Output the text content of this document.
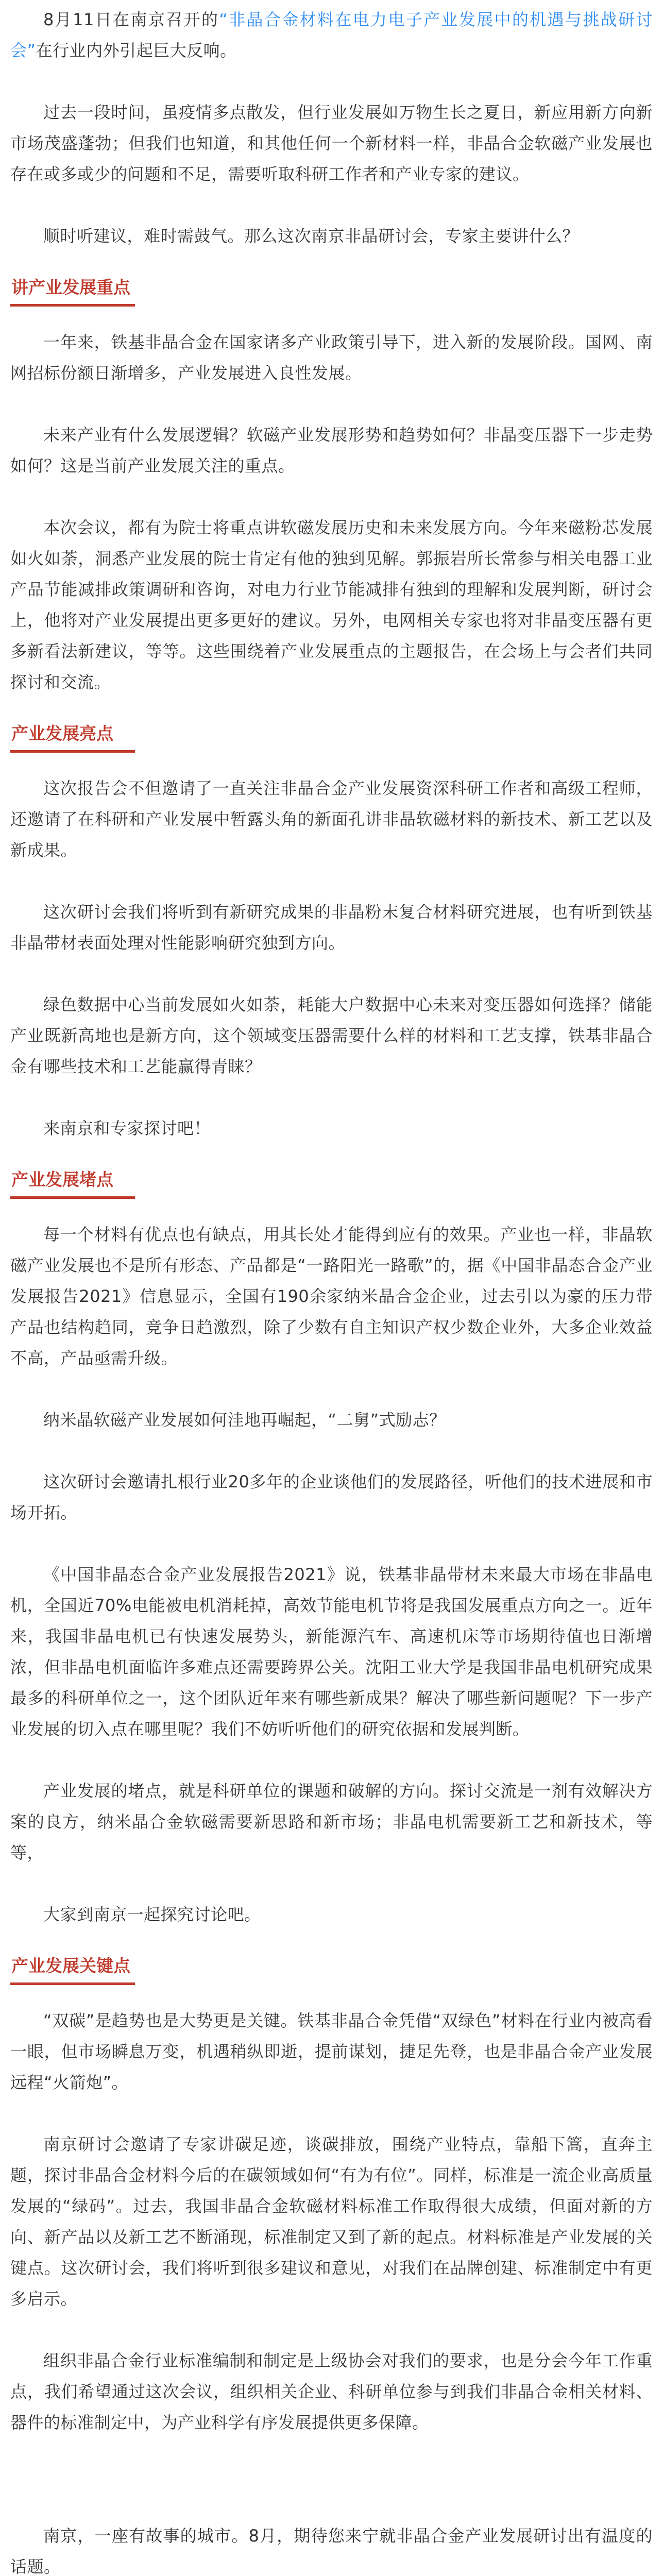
8月11日在南京召开的“非晶合金材料在电力电子产业发展中的机遇与挑战研讨会”在行业内外引起巨大反响。

过去一段时间，虽疫情多点散发，但行业发展如万物生长之夏日，新应用新方向新市场茂盛蓬勃；但我们也知道，和其他任何一个新材料一样，非晶合金软磁产业发展也存在或多或少的问题和不足，需要听取科研工作者和产业专家的建议。

顺时听建议，难时需鼓气。那么这次南京非晶研讨会，专家主要讲什么？

讲产业发展重点

一年来，铁基非晶合金在国家诸多产业政策引导下，进入新的发展阶段。国网、南网招标份额日渐增多，产业发展进入良性发展。

未来产业有什么发展逻辑？软磁产业发展形势和趋势如何？非晶变压器下一步走势如何？这是当前产业发展关注的重点。

本次会议，都有为院士将重点讲软磁发展历史和未来发展方向。今年来磁粉芯发展如火如荼，洞悉产业发展的院士肯定有他的独到见解。郭振岩所长常参与相关电器工业产品节能减排政策调研和咨询，对电力行业节能减排有独到的理解和发展判断，研讨会上，他将对产业发展提出更多更好的建议。另外，电网相关专家也将对非晶变压器有更多新看法新建议，等等。这些围绕着产业发展重点的主题报告，在会场上与会者们共同探讨和交流。

产业发展亮点

这次报告会不但邀请了一直关注非晶合金产业发展资深科研工作者和高级工程师，还邀请了在科研和产业发展中暂露头角的新面孔讲非晶软磁材料的新技术、新工艺以及新成果。

这次研讨会我们将听到有新研究成果的非晶粉末复合材料研究进展，也有听到铁基非晶带材表面处理对性能影响研究独到方向。

绿色数据中心当前发展如火如荼，耗能大户数据中心未来对变压器如何选择？储能产业既新高地也是新方向，这个领域变压器需要什么样的材料和工艺支撑，铁基非晶合金有哪些技术和工艺能赢得青睐？

来南京和专家探讨吧！

产业发展堵点

每一个材料有优点也有缺点，用其长处才能得到应有的效果。产业也一样，非晶软磁产业发展也不是所有形态、产品都是“一路阳光一路歌”的，据《中国非晶态合金产业发展报告2021》信息显示，全国有190余家纳米晶合金企业，过去引以为豪的压力带产品也结构趋同，竞争日趋激烈，除了少数有自主知识产权少数企业外，大多企业效益不高，产品亟需升级。

纳米晶软磁产业发展如何洼地再崛起，“二舅”式励志？

这次研讨会邀请扎根行业20多年的企业谈他们的发展路径，听他们的技术进展和市场开拓。

《中国非晶态合金产业发展报告2021》说，铁基非晶带材未来最大市场在非晶电机，全国近70%电能被电机消耗掉，高效节能电机节将是我国发展重点方向之一。近年来，我国非晶电机已有快速发展势头，新能源汽车、高速机床等市场期待值也日渐增浓，但非晶电机面临许多难点还需要跨界公关。沈阳工业大学是我国非晶电机研究成果最多的科研单位之一，这个团队近年来有哪些新成果？解决了哪些新问题呢？下一步产业发展的切入点在哪里呢？我们不妨听听他们的研究依据和发展判断。

产业发展的堵点，就是科研单位的课题和破解的方向。探讨交流是一剂有效解决方案的良方，纳米晶合金软磁需要新思路和新市场；非晶电机需要新工艺和新技术，等等，

大家到南京一起探究讨论吧。

产业发展关键点

“双碳”是趋势也是大势更是关键。铁基非晶合金凭借“双绿色”材料在行业内被高看一眼，但市场瞬息万变，机遇稍纵即逝，提前谋划，捷足先登，也是非晶合金产业发展远程“火箭炮”。

南京研讨会邀请了专家讲碳足迹，谈碳排放，围绕产业特点，靠船下篙，直奔主题，探讨非晶合金材料今后的在碳领域如何“有为有位”。同样，标准是一流企业高质量发展的“绿码”。过去，我国非晶合金软磁材料标准工作取得很大成绩，但面对新的方向、新产品以及新工艺不断涌现，标准制定又到了新的起点。材料标准是产业发展的关键点。这次研讨会，我们将听到很多建议和意见，对我们在品牌创建、标准制定中有更多启示。

组织非晶合金行业标准编制和制定是上级协会对我们的要求，也是分会今年工作重点，我们希望通过这次会议，组织相关企业、科研单位参与到我们非晶合金相关材料、器件的标准制定中，为产业科学有序发展提供更多保障。

南京，一座有故事的城市。8月，期待您来宁就非晶合金产业发展研讨出有温度的话题。
